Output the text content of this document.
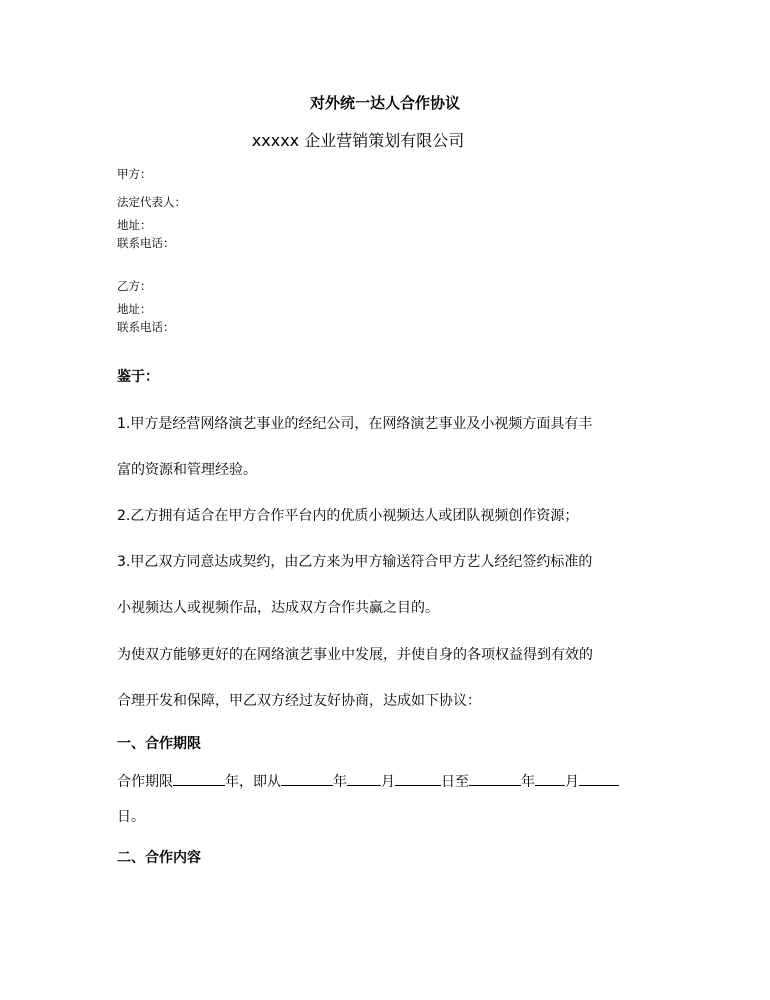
对外统一达人合作协议
xxxxx 企业营销策划有限公司
甲方：
法定代表人：
地址：
联系电话：
乙方：
地址：
联系电话：
鉴于：
1.甲方是经营网络演艺事业的经纪公司，在网络演艺事业及小视频方面具有丰
富的资源和管理经验。
2.乙方拥有适合在甲方合作平台内的优质小视频达人或团队视频创作资源；
3.甲乙双方同意达成契约，由乙方来为甲方输送符合甲方艺人经纪签约标准的
小视频达人或视频作品，达成双方合作共赢之目的。
为使双方能够更好的在网络演艺事业中发展，并使自身的各项权益得到有效的
合理开发和保障，甲乙双方经过友好协商，达成如下协议：
一、合作期限
合作期限	年，即从	年 月	日至	年 月
日。
二、合作内容
